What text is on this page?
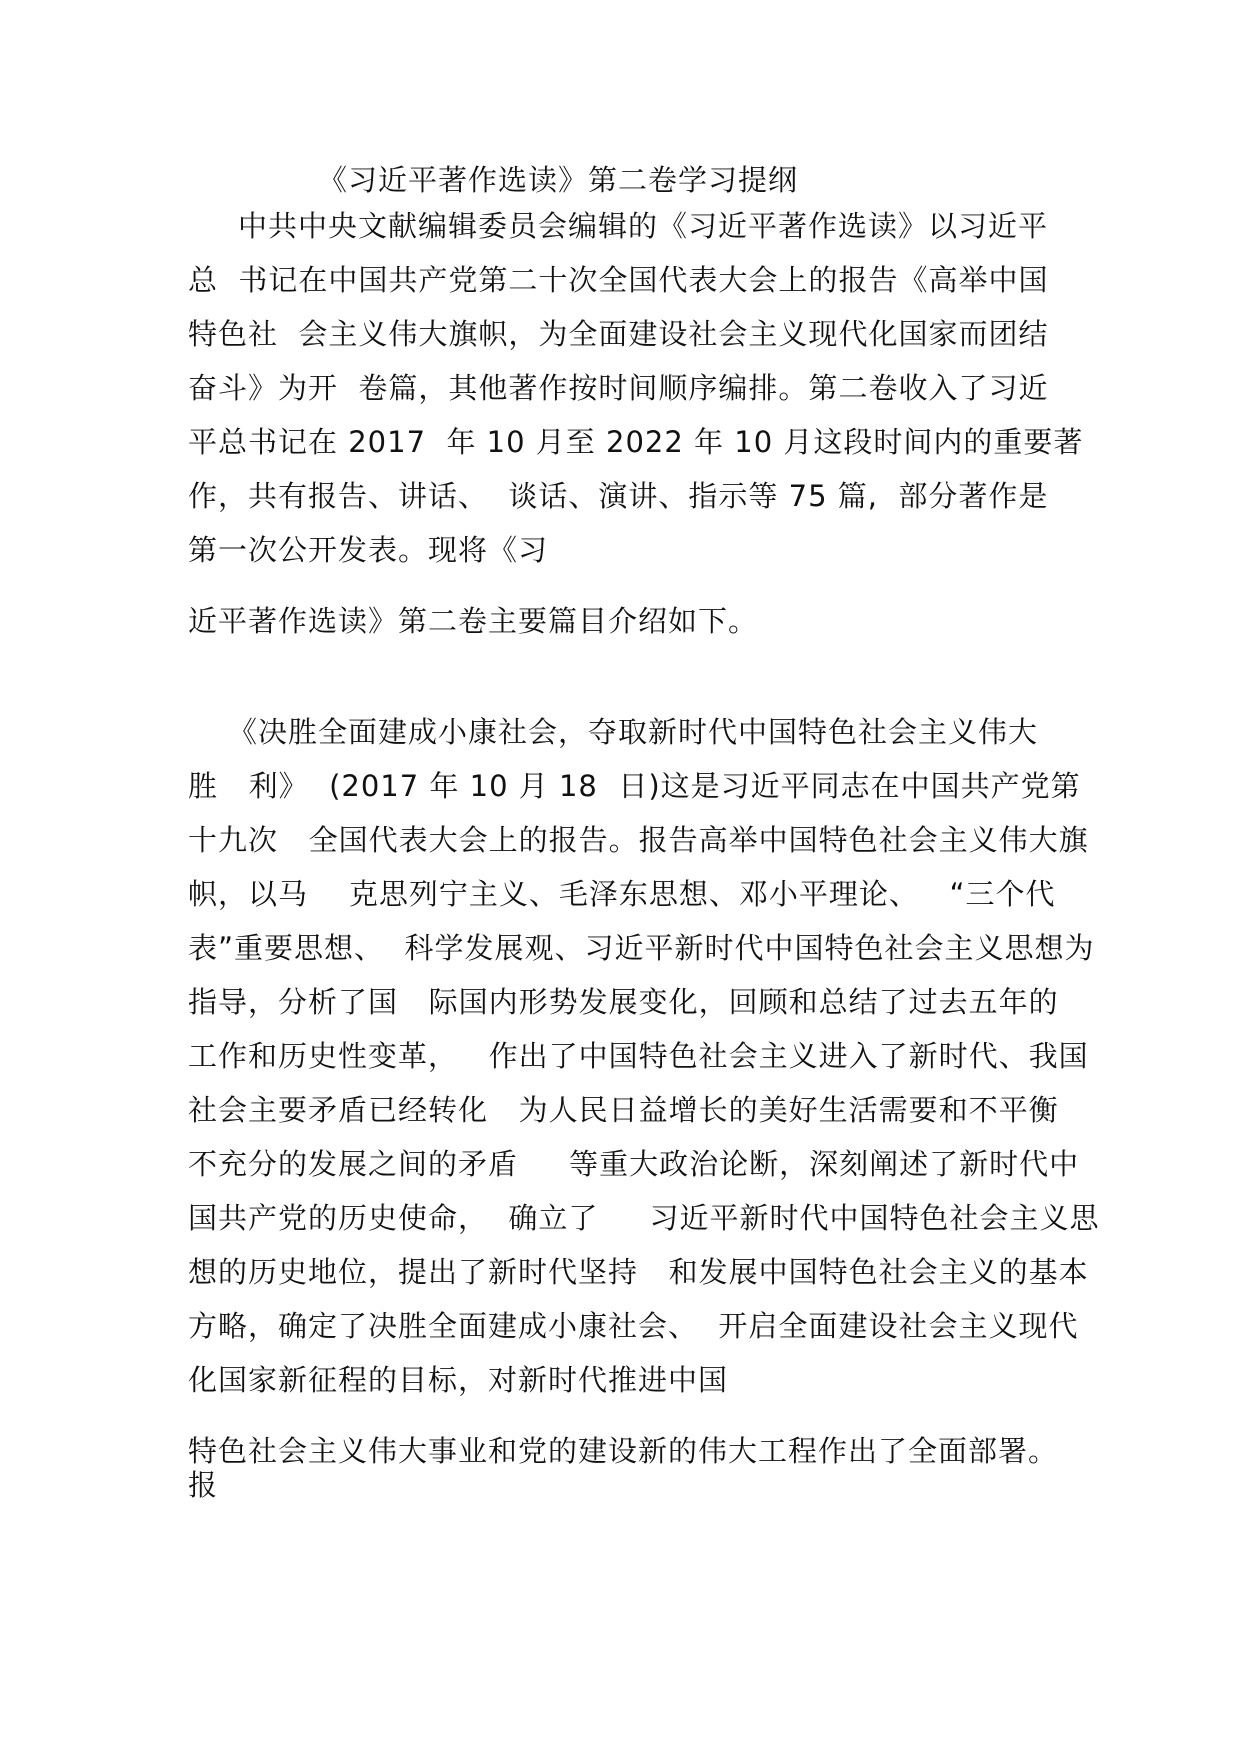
《习近平著作选读》第二卷学习提纲
中共中央文献编辑委员会编辑的《习近平著作选读》以习近平
总  书记在中国共产党第二十次全国代表大会上的报告《高举中国
特色社  会主义伟大旗帜，为全面建设社会主义现代化国家而团结
奋斗》为开  卷篇，其他著作按时间顺序编排。第二卷收入了习近
平总书记在 2017  年 10 月至 2022 年 10 月这段时间内的重要著
作，共有报告、讲话、  谈话、演讲、指示等 75 篇,  部分著作是
第一次公开发表。现将《习
近平著作选读》第二卷主要篇目介绍如下。
《决胜全面建成小康社会，夺取新时代中国特色社会主义伟大
胜   利》  (2017 年 10 月 18  日)这是习近平同志在中国共产党第
十九次   全国代表大会上的报告。报告高举中国特色社会主义伟大旗
帜，以马    克思列宁主义、毛泽东思想、邓小平理论、   “三个代
表”重要思想、  科学发展观、习近平新时代中国特色社会主义思想为
指导，分析了国   际国内形势发展变化，回顾和总结了过去五年的
工作和历史性变革，   作出了中国特色社会主义进入了新时代、我国
社会主要矛盾已经转化   为人民日益增长的美好生活需要和不平衡
不充分的发展之间的矛盾     等重大政治论断，深刻阐述了新时代中
国共产党的历史使命，  确立了     习近平新时代中国特色社会主义思
想的历史地位，提出了新时代坚持   和发展中国特色社会主义的基本
方略，确定了决胜全面建成小康社会、  开启全面建设社会主义现代
化国家新征程的目标，对新时代推进中国
特色社会主义伟大事业和党的建设新的伟大工程作出了全面部署。
报
